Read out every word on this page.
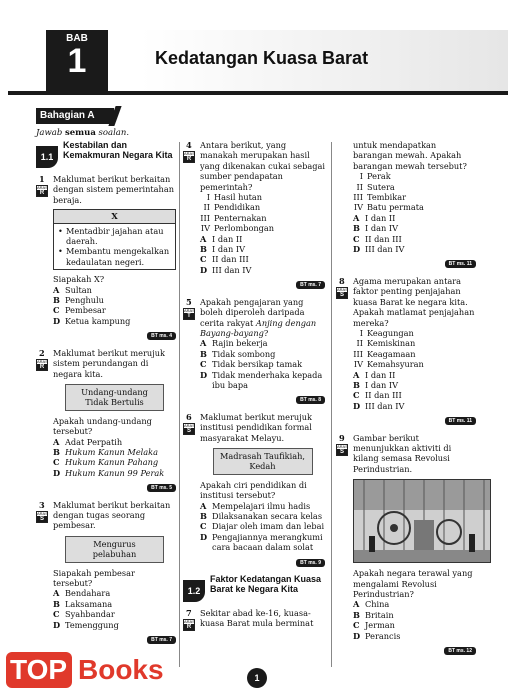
BAB
1	Kedatangan Kuasa Barat
Bahagian A
Jawab semua soalan.
1.1
Kestabilan dan Kemakmuran Negara Kita
1
ARAS
R
Maklumat berikut berkaitan dengan sistem pemerintahan beraja.
X
• Mentadbir jajahan atau daerah.
• Membantu mengekalkan kedaulatan negeri.
Siapakah X?
A Sultan
B Penghulu
C Pembesar
D Ketua kampung
BT ms. 4
2
ARAS
R
Maklumat berikut merujuk sistem perundangan di negara kita.
Undang-undang Tidak Bertulis
Apakah undang-undang tersebut?
A Adat Perpatih
B Hukum Kanun Melaka
C Hukum Kanun Pahang
D Hukum Kanun 99 Perak
BT ms. 5
3
ARAS
S
Maklumat berikut berkaitan dengan tugas seorang pembesar.
Mengurus pelabuhan
Siapakah pembesar tersebut?
A Bendahara
B Laksamana
C Syahbandar
D Temenggung
BT ms. 7
4
ARAS
R
Antara berikut, yang manakah merupakan hasil yang dikenakan cukai sebagai sumber pendapatan pemerintah?
I Hasil hutan
II Pendidikan
III Penternakan
IV Perlombongan
A I dan II
B I dan IV
C II dan III
D III dan IV
BT ms. 7
5
ARAS
T
Apakah pengajaran yang boleh diperoleh daripada cerita rakyat Anjing dengan Bayang-bayang?
A Rajin bekerja
B Tidak sombong
C Tidak bersikap tamak
D Tidak menderhaka kepada ibu bapa
BT ms. 8
6
ARAS
S
Maklumat berikut merujuk institusi pendidikan formal masyarakat Melayu.
Madrasah Taufikiah, Kedah
Apakah ciri pendidikan di institusi tersebut?
A Mempelajari ilmu hadis
B Dilaksanakan secara kelas
C Diajar oleh imam dan lebai
D Pengajiannya merangkumi cara bacaan dalam solat
BT ms. 9
1.2
Faktor Kedatangan Kuasa Barat ke Negara Kita
7
ARAS
R
Sekitar abad ke-16, kuasa-kuasa Barat mula berminat
untuk mendapatkan barangan mewah. Apakah barangan mewah tersebut?
I Perak
II Sutera
III Tembikar
IV Batu permata
A I dan II
B I dan IV
C II dan III
D III dan IV
BT ms. 11
8
ARAS
S
Agama merupakan antara faktor penting penjajahan kuasa Barat ke negara kita. Apakah matlamat penjajahan mereka?
I Keagungan
II Kemiskinan
III Keagamaan
IV Kemahsyuran
A I dan II
B I dan IV
C II dan III
D III dan IV
BT ms. 11
9
ARAS
S
Gambar berikut menunjukkan aktiviti di kilang semasa Revolusi Perindustrian.
Apakah negara terawal yang mengalami Revolusi Perindustrian?
A China
B Britain
C Jerman
D Perancis
BT ms. 12
TOP Books	1
